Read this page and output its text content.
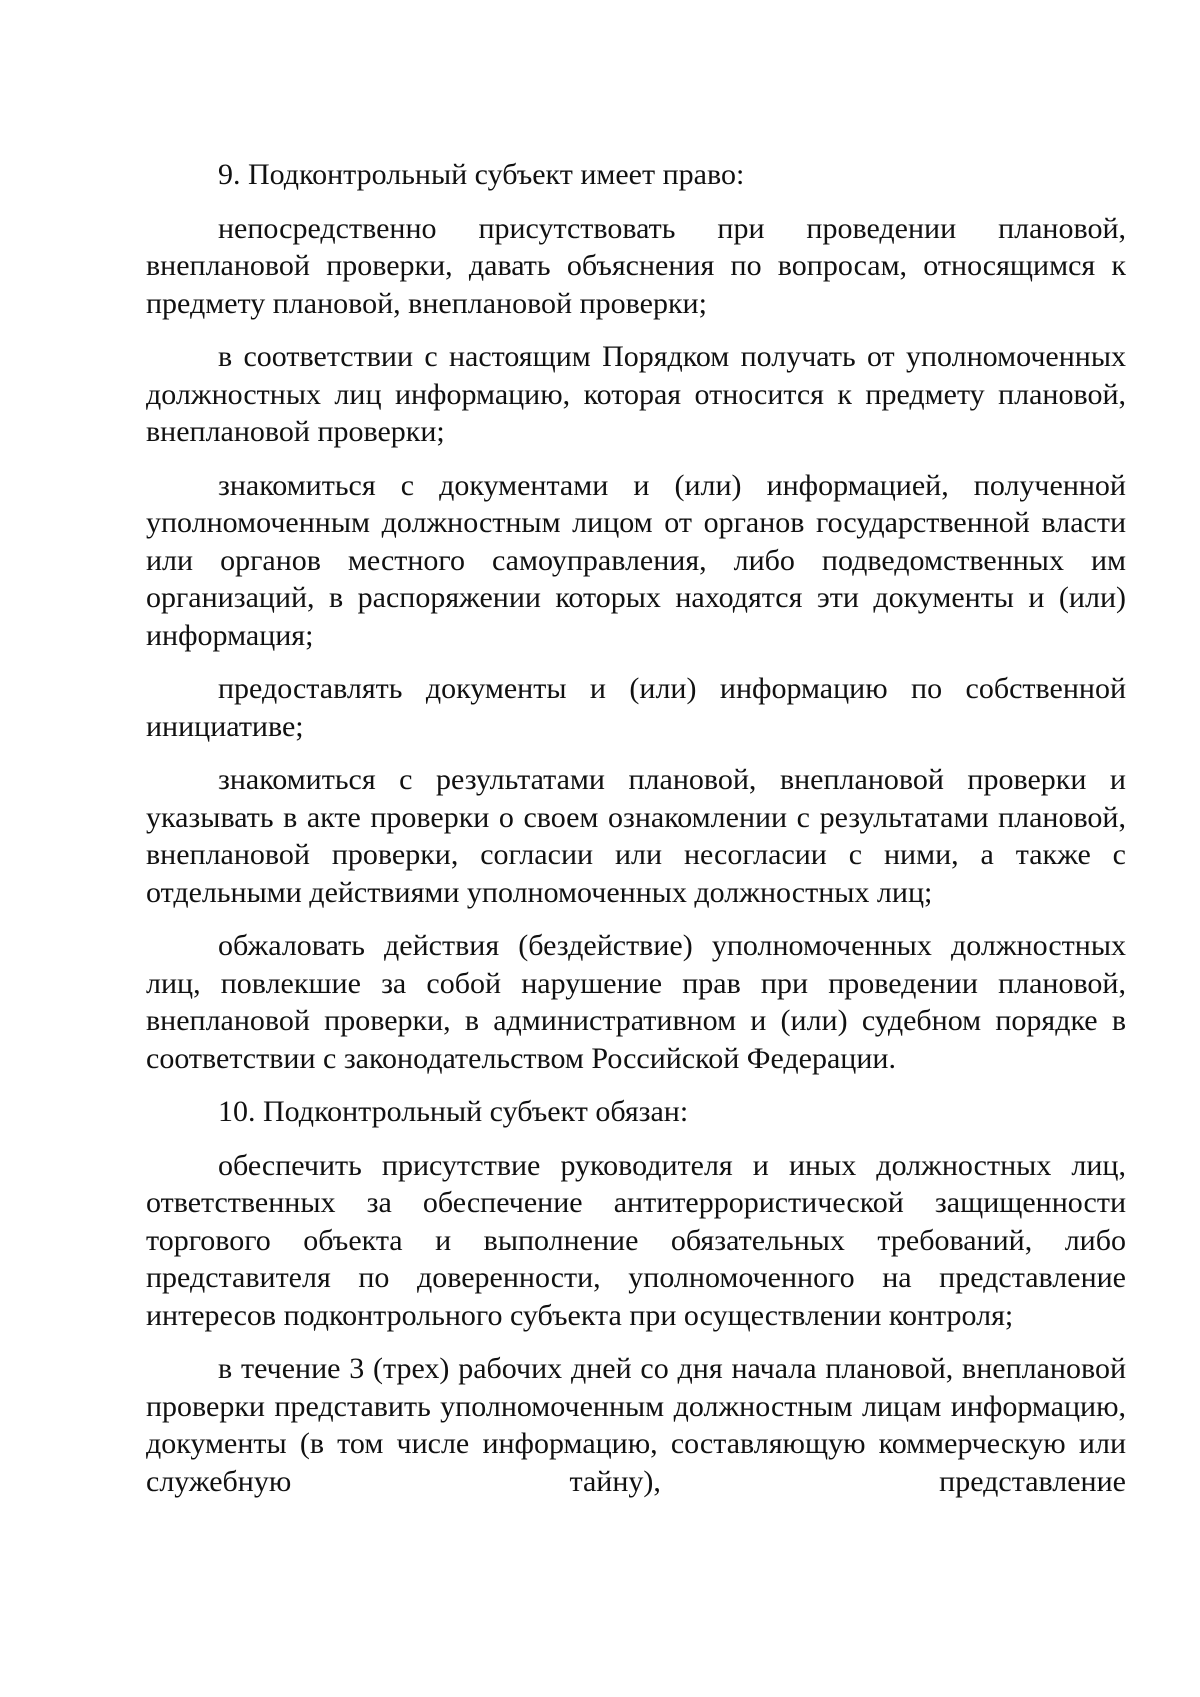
9. Подконтрольный субъект имеет право:

непосредственно присутствовать при проведении плановой, внеплановой проверки, давать объяснения по вопросам, относящимся к предмету плановой, внеплановой проверки;

в соответствии с настоящим Порядком получать от уполномоченных должностных лиц информацию, которая относится к предмету плановой, внеплановой проверки;

знакомиться с документами и (или) информацией, полученной уполномоченным должностным лицом от органов государственной власти или органов местного самоуправления, либо подведомственных им организаций, в распоряжении которых находятся эти документы и (или) информация;

предоставлять документы и (или) информацию по собственной инициативе;

знакомиться с результатами плановой, внеплановой проверки и указывать в акте проверки о своем ознакомлении с результатами плановой, внеплановой проверки, согласии или несогласии с ними, а также с отдельными действиями уполномоченных должностных лиц;

обжаловать действия (бездействие) уполномоченных должностных лиц, повлекшие за собой нарушение прав при проведении плановой, внеплановой проверки, в административном и (или) судебном порядке в соответствии с законодательством Российской Федерации.

10. Подконтрольный субъект обязан:

обеспечить присутствие руководителя и иных должностных лиц, ответственных за обеспечение антитеррористической защищенности торгового объекта и выполнение обязательных требований, либо представителя по доверенности, уполномоченного на представление интересов подконтрольного субъекта при осуществлении контроля;

в течение 3 (трех) рабочих дней со дня начала плановой, внеплановой проверки представить уполномоченным должностным лицам информацию, документы (в том числе информацию, составляющую коммерческую или служебную тайну), представление
